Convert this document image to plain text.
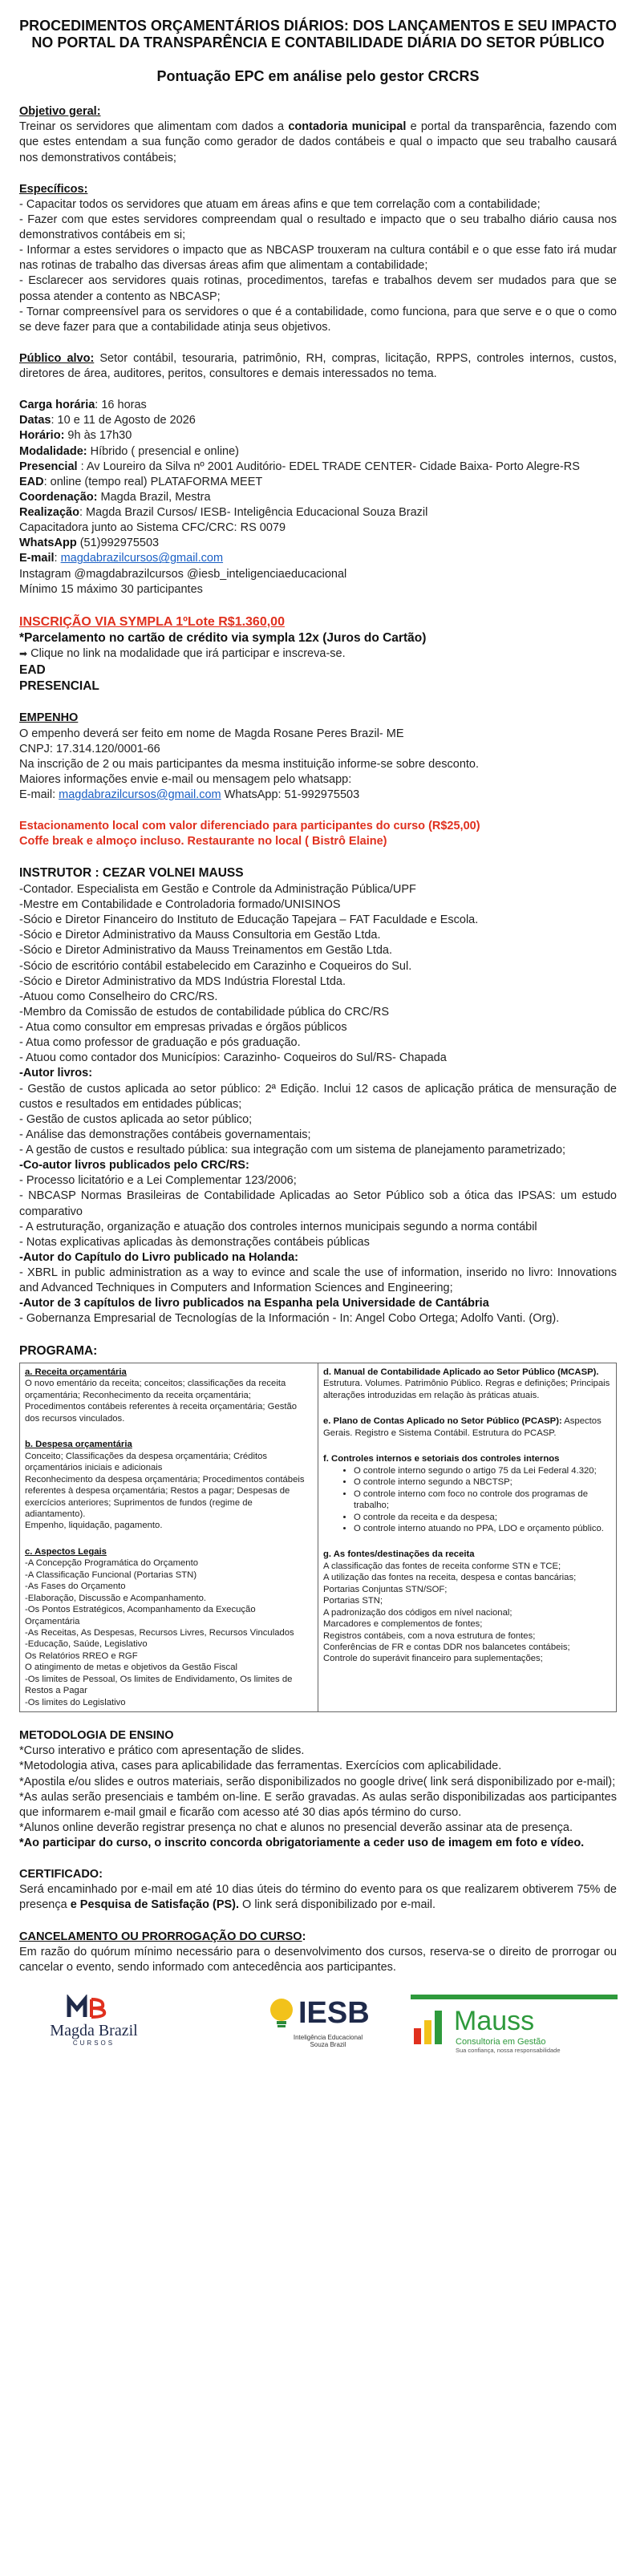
PROCEDIMENTOS ORÇAMENTÁRIOS DIÁRIOS: DOS LANÇAMENTOS E SEU IMPACTO NO PORTAL DA TRANSPARÊNCIA E CONTABILIDADE DIÁRIA DO SETOR PÚBLICO
Pontuação EPC em análise pelo gestor CRCRS

Objetivo geral:

Treinar os servidores que alimentam com dados a contadoria municipal e portal da transparência, fazendo com que estes entendam a sua função como gerador de dados contábeis e qual o impacto que seu trabalho causará nos demonstrativos contábeis;

Específicos:

- Capacitar todos os servidores que atuam em áreas afins e que tem correlação com a contabilidade;

- Fazer com que estes servidores compreendam qual o resultado e impacto que o seu trabalho diário causa nos demonstrativos contábeis em si;

- Informar a estes servidores o impacto que as NBCASP trouxeram na cultura contábil e o que esse fato irá mudar nas rotinas de trabalho das diversas áreas afim que alimentam a contabilidade;

- Esclarecer aos servidores quais rotinas, procedimentos, tarefas e trabalhos devem ser mudados para que se possa atender a contento as NBCASP;

- Tornar compreensível para os servidores o que é a contabilidade, como funciona, para que serve e o que o como se deve fazer para que a contabilidade atinja seus objetivos.

Público alvo: Setor contábil, tesouraria, patrimônio, RH, compras, licitação, RPPS, controles internos, custos, diretores de área, auditores, peritos, consultores e demais interessados no tema.

Carga horária: 16 horas

Datas: 10 e 11 de Agosto de 2026

Horário: 9h às 17h30

Modalidade: Híbrido ( presencial e online)

Presencial : Av Loureiro da Silva nº 2001 Auditório- EDEL TRADE CENTER- Cidade Baixa- Porto Alegre-RS

EAD: online (tempo real) PLATAFORMA MEET

Coordenação: Magda Brazil, Mestra

Realização: Magda Brazil Cursos/ IESB- Inteligência Educacional Souza Brazil

Capacitadora junto ao Sistema CFC/CRC: RS 0079

WhatsApp (51)992975503

E-mail: magdabrazilcursos@gmail.com

Instagram @magdabrazilcursos @iesb_inteligenciaeducacional

Mínimo 15 máximo 30 participantes

INSCRIÇÃO VIA SYMPLA 1ºLote R$1.360,00

*Parcelamento no cartão de crédito via sympla 12x (Juros do Cartão)

➡ Clique no link na modalidade que irá participar e inscreva-se.

EAD

PRESENCIAL

EMPENHO

O empenho deverá ser feito em nome de Magda Rosane Peres Brazil- ME

CNPJ: 17.314.120/0001-66

Na inscrição de 2 ou mais participantes da mesma instituição informe-se sobre desconto.

Maiores informações envie e-mail ou mensagem pelo whatsapp:

E-mail: magdabrazilcursos@gmail.com WhatsApp: 51-992975503

Estacionamento local com valor diferenciado para participantes do curso (R$25,00)

Coffe break e almoço incluso. Restaurante no local ( Bistrô Elaine)

INSTRUTOR : CEZAR VOLNEI MAUSS

-Contador. Especialista em Gestão e Controle da Administração Pública/UPF

-Mestre em Contabilidade e Controladoria formado/UNISINOS

-Sócio e Diretor Financeiro do Instituto de Educação Tapejara – FAT Faculdade e Escola.

-Sócio e Diretor Administrativo da Mauss Consultoria em Gestão Ltda.

-Sócio e Diretor Administrativo da Mauss Treinamentos em Gestão Ltda.

-Sócio de escritório contábil estabelecido em Carazinho e Coqueiros do Sul.

-Sócio e Diretor Administrativo da MDS Indústria Florestal Ltda.

-Atuou como Conselheiro do CRC/RS.

-Membro da Comissão de estudos de contabilidade pública do CRC/RS

- Atua como consultor em empresas privadas e órgãos públicos

- Atua como professor de graduação e pós graduação.

- Atuou como contador dos Municípios: Carazinho- Coqueiros do Sul/RS- Chapada

-Autor livros:

- Gestão de custos aplicada ao setor público: 2ª Edição. Inclui 12 casos de aplicação prática de mensuração de custos e resultados em entidades públicas;

- Gestão de custos aplicada ao setor público;

- Análise das demonstrações contábeis governamentais;

- A gestão de custos e resultado pública: sua integração com um sistema de planejamento parametrizado;

-Co-autor livros publicados pelo CRC/RS:

- Processo licitatório e a Lei Complementar 123/2006;

- NBCASP Normas Brasileiras de Contabilidade Aplicadas ao Setor Público sob a ótica das IPSAS: um estudo comparativo

- A estruturação, organização e atuação dos controles internos municipais segundo a norma contábil

- Notas explicativas aplicadas às demonstrações contábeis públicas

-Autor do Capítulo do Livro publicado na Holanda:

- XBRL in public administration as a way to evince and scale the use of information, inserido no livro: Innovations and Advanced Techniques in Computers and Information Sciences and Engineering;

-Autor de 3 capítulos de livro publicados na Espanha pela Universidade de Cantábria

- Gobernanza Empresarial de Tecnologías de la Información - In: Angel Cobo Ortega; Adolfo Vanti. (Org).

PROGRAMA:

a. Receita orçamentária
O novo ementário da receita; conceitos; classificações da receita orçamentária; Reconhecimento da receita orçamentária; Procedimentos contábeis referentes à receita orçamentária; Gestão dos recursos vinculados.
b. Despesa orçamentária
Conceito; Classificações da despesa orçamentária; Créditos orçamentários iniciais e adicionais
Reconhecimento da despesa orçamentária; Procedimentos contábeis referentes à despesa orçamentária; Restos a pagar; Despesas de exercícios anteriores; Suprimentos de fundos (regime de adiantamento).
Empenho, liquidação, pagamento.
c. Aspectos Legais
-A Concepção Programática do Orçamento
-A Classificação Funcional (Portarias STN)
-As Fases do Orçamento
-Elaboração, Discussão e Acompanhamento.
-Os Pontos Estratégicos, Acompanhamento da Execução Orçamentária
-As Receitas, As Despesas, Recursos Livres, Recursos Vinculados
-Educação, Saúde, Legislativo
Os Relatórios RREO e RGF
O atingimento de metas e objetivos da Gestão Fiscal
-Os limites de Pessoal, Os limites de Endividamento, Os limites de Restos a Pagar
-Os limites do Legislativo

d. Manual de Contabilidade Aplicado ao Setor Público (MCASP).
Estrutura. Volumes. Patrimônio Público. Regras e definições; Principais alterações introduzidas em relação às práticas atuais.
e. Plano de Contas Aplicado no Setor Público (PCASP): Aspectos Gerais. Registro e Sistema Contábil. Estrutura do PCASP.
f. Controles internos e setoriais dos controles internos
• O controle interno segundo o artigo 75 da Lei Federal 4.320;
• O controle interno segundo a NBCTSP;
• O controle interno com foco no controle dos programas de trabalho;
• O controle da receita e da despesa;
• O controle interno atuando no PPA, LDO e orçamento público.
g. As fontes/destinações da receita
A classificação das fontes de receita conforme STN e TCE;
A utilização das fontes na receita, despesa e contas bancárias;
Portarias Conjuntas STN/SOF;
Portarias STN;
A padronização dos códigos em nível nacional;
Marcadores e complementos de fontes;
Registros contábeis, com a nova estrutura de fontes;
Conferências de FR e contas DDR nos balancetes contábeis;
Controle do superávit financeiro para suplementações;

METODOLOGIA DE ENSINO

*Curso interativo e prático com apresentação de slides.

*Metodologia ativa, cases para aplicabilidade das ferramentas. Exercícios com aplicabilidade.

*Apostila e/ou slides e outros materiais, serão disponibilizados no google drive( link será disponibilizado por e-mail);

*As aulas serão presenciais e também on-line. E serão gravadas. As aulas serão disponibilizadas aos participantes que informarem e-mail gmail e ficarão com acesso até 30 dias após término do curso.

*Alunos online deverão registrar presença no chat e alunos no presencial deverão assinar ata de presença.

*Ao participar do curso, o inscrito concorda obrigatoriamente a ceder uso de imagem em foto e vídeo.

CERTIFICADO:

Será encaminhado por e-mail em até 10 dias úteis do término do evento para os que realizarem obtiverem 75% de presença e Pesquisa de Satisfação (PS). O link será disponibilizado por e-mail.

CANCELAMENTO OU PRORROGAÇÃO DO CURSO:

Em razão do quórum mínimo necessário para o desenvolvimento dos cursos, reserva-se o direito de prorrogar ou cancelar o evento, sendo informado com antecedência aos participantes.

Magda Brazil
CURSOS
IESB
Inteligência Educacional
Souza Brazil
Mauss
Consultoria em Gestão
Sua confiança, nossa responsabilidade
